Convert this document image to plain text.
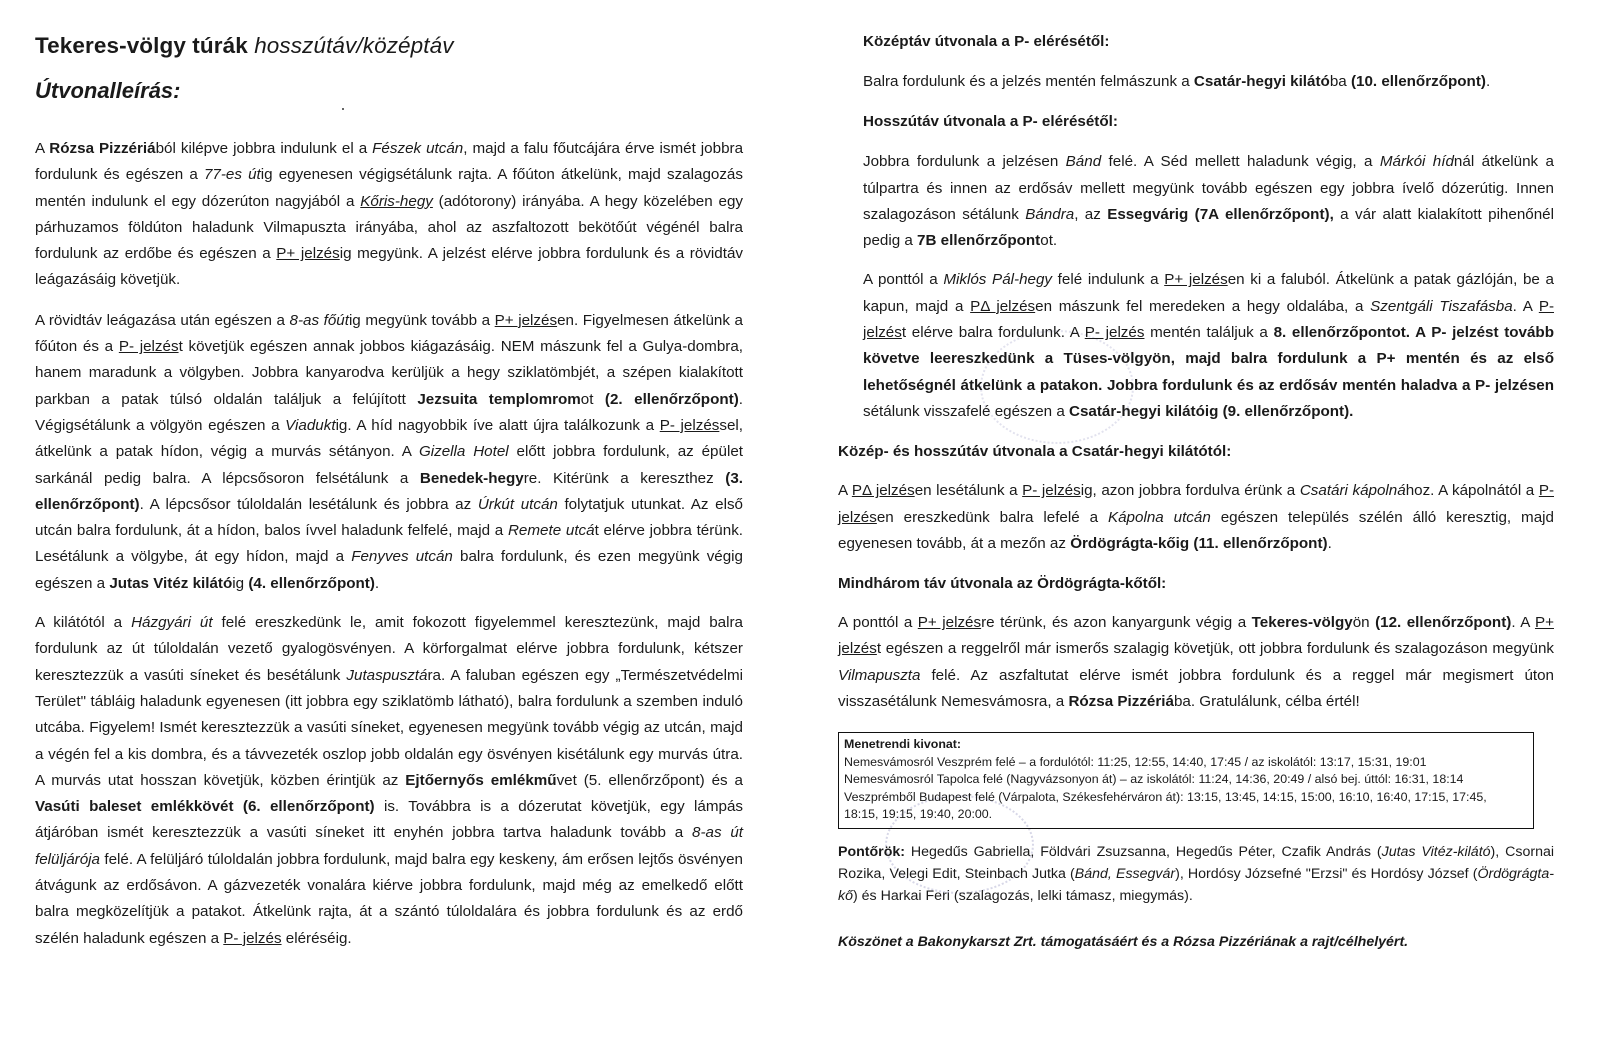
Tekeres-völgy túrák hosszútáv/középtáv
Útvonalleírás:

A Rózsa Pizzériából kilépve jobbra indulunk el a Fészek utcán, majd a falu főutcájára érve ismét jobbra fordulunk és egészen a 77-es útig egyenesen végigsétálunk rajta. A főúton átkelünk, majd szalagozás mentén indulunk el egy dózerúton nagyjából a Kőris-hegy (adótorony) irányába. A hegy közelében egy párhuzamos földúton haladunk Vilmapuszta irányába, ahol az aszfaltozott bekötőút végénél balra fordulunk az erdőbe és egészen a P+ jelzésig megyünk. A jelzést elérve jobbra fordulunk és a rövidtáv leágazásáig követjük.

A rövidtáv leágazása után egészen a 8-as főútig megyünk tovább a P+ jelzésen. Figyelmesen átkelünk a főúton és a P- jelzést követjük egészen annak jobbos kiágazásáig. NEM mászunk fel a Gulya-dombra, hanem maradunk a völgyben. Jobbra kanyarodva kerüljük a hegy sziklatömbjét, a szépen kialakított parkban a patak túlsó oldalán találjuk a felújított Jezsuita templomromot (2. ellenőrzőpont). Végigsétálunk a völgyön egészen a Viaduktig. A híd nagyobbik íve alatt újra találkozunk a P- jelzéssel, átkelünk a patak hídon, végig a murvás sétányon. A Gizella Hotel előtt jobbra fordulunk, az épület sarkánál pedig balra. A lépcsősoron felsétálunk a Benedek-hegyre. Kitérünk a kereszthez (3. ellenőrzőpont). A lépcsősor túloldalán lesétálunk és jobbra az Úrkút utcán folytatjuk utunkat. Az első utcán balra fordulunk, át a hídon, balos ívvel haladunk felfelé, majd a Remete utcát elérve jobbra térünk. Lesétálunk a völgybe, át egy hídon, majd a Fenyves utcán balra fordulunk, és ezen megyünk végig egészen a Jutas Vitéz kilátóig (4. ellenőrzőpont).

A kilátótól a Házgyári út felé ereszkedünk le, amit fokozott figyelemmel keresztezünk, majd balra fordulunk az út túloldalán vezető gyalogösvényen. A körforgalmat elérve jobbra fordulunk, kétszer keresztezzük a vasúti síneket és besétálunk Jutaspusztára. A faluban egészen egy „Természetvédelmi Terület" tábláig haladunk egyenesen (itt jobbra egy sziklatömb látható), balra fordulunk a szemben induló utcába. Figyelem! Ismét keresztezzük a vasúti síneket, egyenesen megyünk tovább végig az utcán, majd a végén fel a kis dombra, és a távvezeték oszlop jobb oldalán egy ösvényen kisétálunk egy murvás útra. A murvás utat hosszan követjük, közben érintjük az Ejtőernyős emlékművet (5. ellenőrzőpont) és a Vasúti baleset emlékkövét (6. ellenőrzőpont) is. Továbbra is a dózerutat követjük, egy lámpás átjáróban ismét keresztezzük a vasúti síneket itt enyhén jobbra tartva haladunk tovább a 8-as út felüljárója felé. A felüljáró túloldalán jobbra fordulunk, majd balra egy keskeny, ám erősen lejtős ösvényen átvágunk az erdősávon. A gázvezeték vonalára kiérve jobbra fordulunk, majd még az emelkedő előtt balra megközelítjük a patakot. Átkelünk rajta, át a szántó túloldalára és jobbra fordulunk és az erdő szélén haladunk egészen a P- jelzés eléréséig.

Középtáv útvonala a P- elérésétől:

Balra fordulunk és a jelzés mentén felmászunk a Csatár-hegyi kilátóba (10. ellenőrzőpont).

Hosszútáv útvonala a P- elérésétől:

Jobbra fordulunk a jelzésen Bánd felé. A Séd mellett haladunk végig, a Márkói hídnál átkelünk a túlpartra és innen az erdősáv mellett megyünk tovább egészen egy jobbra ívelő dózerútig. Innen szalagozáson sétálunk Bándra, az Essegvárig (7A ellenőrzőpont), a vár alatt kialakított pihenőnél pedig a 7B ellenőrzőpontot.

A ponttól a Miklós Pál-hegy felé indulunk a P+ jelzésen ki a faluból. Átkelünk a patak gázlóján, be a kapun, majd a PΔ jelzésen mászunk fel meredeken a hegy oldalába, a Szentgáli Tiszafásba. A P- jelzést elérve balra fordulunk. A P- jelzés mentén találjuk a 8. ellenőrzőpontot. A P- jelzést tovább követve leereszkedünk a Tüses-völgyön, majd balra fordulunk a P+ mentén és az első lehetőségnél átkelünk a patakon. Jobbra fordulunk és az erdősáv mentén haladva a P- jelzésen sétálunk visszafelé egészen a Csatár-hegyi kilátóig (9. ellenőrzőpont).

Közép- és hosszútáv útvonala a Csatár-hegyi kilátótól:

A PΔ jelzésen lesétálunk a P- jelzésig, azon jobbra fordulva érünk a Csatári kápolnához. A kápolnától a P- jelzésen ereszkedünk balra lefelé a Kápolna utcán egészen település szélén álló keresztig, majd egyenesen tovább, át a mezőn az Ördögrágta-kőig (11. ellenőrzőpont).

Mindhárom táv útvonala az Ördögrágta-kőtől:

A ponttól a P+ jelzésre térünk, és azon kanyargunk végig a Tekeres-völgyön (12. ellenőrzőpont). A P+ jelzést egészen a reggelről már ismerős szalagig követjük, ott jobbra fordulunk és szalagozáson megyünk Vilmapuszta felé. Az aszfaltutat elérve ismét jobbra fordulunk és a reggel már megismert úton visszasétálunk Nemesvámosra, a Rózsa Pizzériába. Gratulálunk, célba értél!

Menetrendi kivonat:
Nemesvámosról Veszprém felé – a fordulótól: 11:25, 12:55, 14:40, 17:45 / az iskolától: 13:17, 15:31, 19:01
Nemesvámosról Tapolca felé (Nagyvázsonyon át) – az iskolától: 11:24, 14:36, 20:49 / alsó bej. úttól: 16:31, 18:14
Veszprémből Budapest felé (Várpalota, Székesfehérváron át): 13:15, 13:45, 14:15, 15:00, 16:10, 16:40, 17:15, 17:45,
18:15, 19:15, 19:40, 20:00.

Pontőrök: Hegedűs Gabriella, Földvári Zsuzsanna, Hegedűs Péter, Czafik András (Jutas Vitéz-kilátó), Csornai Rozika, Velegi Edit, Steinbach Jutka (Bánd, Essegvár), Hordósy Józsefné "Erzsi" és Hordósy József (Ördögrágta-kő) és Harkai Feri (szalagozás, lelki támasz, miegymás).

Köszönet a Bakonykarszt Zrt. támogatásáért és a Rózsa Pizzériának a rajt/célhelyért.
